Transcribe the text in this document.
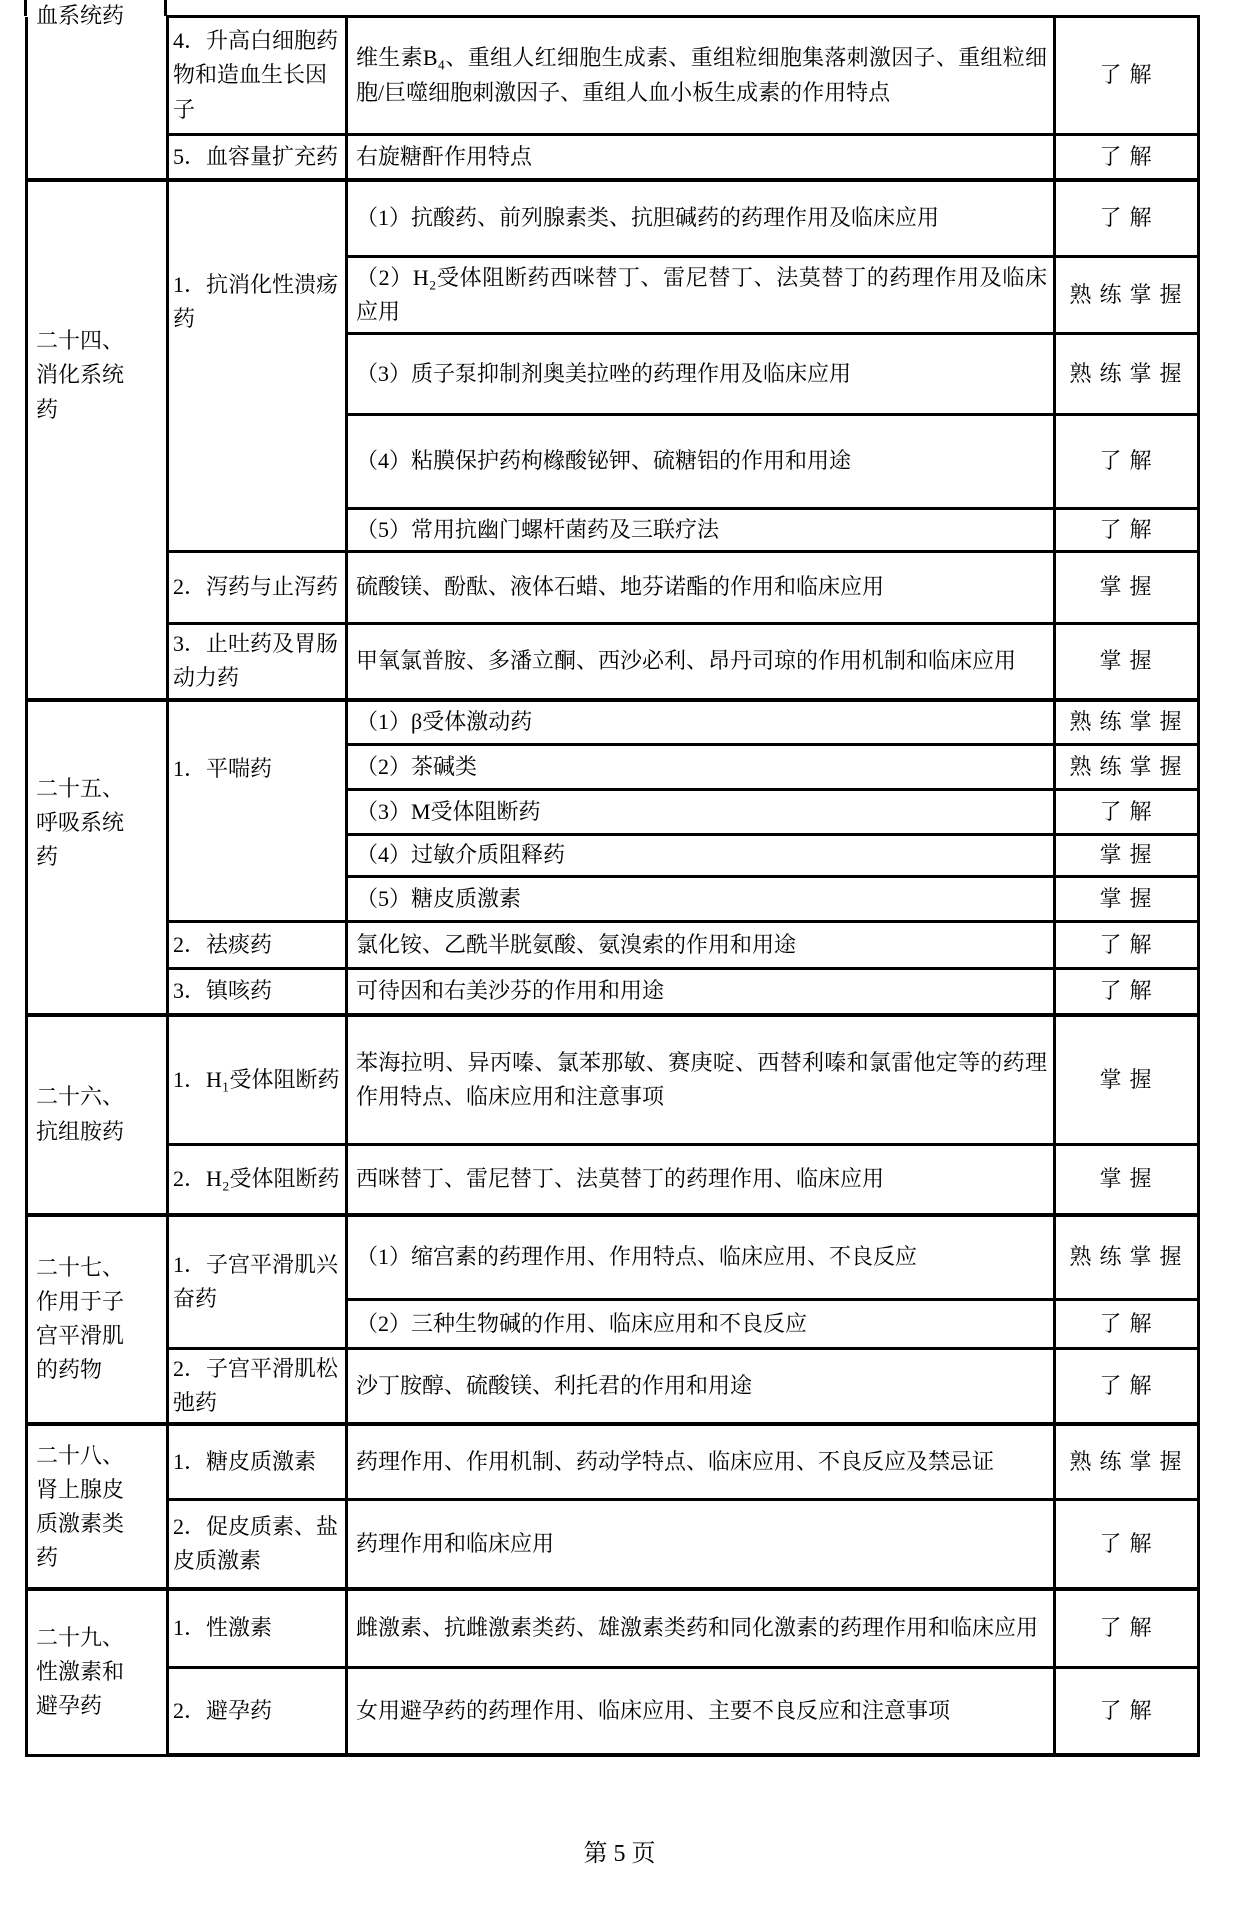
血系统药	4．升高白细胞药物和造血生长因子	维生素B₄、重组人红细胞生成素、重组粒细胞集落刺激因子、重组粒细胞/巨噬细胞刺激因子、重组人血小板生成素的作用特点	了解
	5．血容量扩充药	右旋糖酐作用特点	了解
二十四、消化系统药	1．抗消化性溃疡药	（1）抗酸药、前列腺素类、抗胆碱药的药理作用及临床应用	了解
		（2）H₂受体阻断药西咪替丁、雷尼替丁、法莫替丁的药理作用及临床应用	熟练掌握
		（3）质子泵抑制剂奥美拉唑的药理作用及临床应用	熟练掌握
		（4）粘膜保护药枸橼酸铋钾、硫糖铝的作用和用途	了解
		（5）常用抗幽门螺杆菌药及三联疗法	了解
	2．泻药与止泻药	硫酸镁、酚酞、液体石蜡、地芬诺酯的作用和临床应用	掌握
	3．止吐药及胃肠动力药	甲氧氯普胺、多潘立酮、西沙必利、昂丹司琼的作用机制和临床应用	掌握
二十五、呼吸系统药	1．平喘药	（1）β受体激动药	熟练掌握
		（2）茶碱类	熟练掌握
		（3）M受体阻断药	了解
		（4）过敏介质阻释药	掌握
		（5）糖皮质激素	掌握
	2．祛痰药	氯化铵、乙酰半胱氨酸、氨溴索的作用和用途	了解
	3．镇咳药	可待因和右美沙芬的作用和用途	了解
二十六、抗组胺药	1．H₁受体阻断药	苯海拉明、异丙嗪、氯苯那敏、赛庚啶、西替利嗪和氯雷他定等的药理作用特点、临床应用和注意事项	掌握
	2．H₂受体阻断药	西咪替丁、雷尼替丁、法莫替丁的药理作用、临床应用	掌握
二十七、作用于子宫平滑肌的药物	1．子宫平滑肌兴奋药	（1）缩宫素的药理作用、作用特点、临床应用、不良反应	熟练掌握
		（2）三种生物碱的作用、临床应用和不良反应	了解
	2．子宫平滑肌松弛药	沙丁胺醇、硫酸镁、利托君的作用和用途	了解
二十八、肾上腺皮质激素类药	1．糖皮质激素	药理作用、作用机制、药动学特点、临床应用、不良反应及禁忌证	熟练掌握
	2．促皮质素、盐皮质激素	药理作用和临床应用	了解
二十九、性激素和避孕药	1．性激素	雌激素、抗雌激素类药、雄激素类药和同化激素的药理作用和临床应用	了解
	2．避孕药	女用避孕药的药理作用、临床应用、主要不良反应和注意事项	了解
第 5 页
